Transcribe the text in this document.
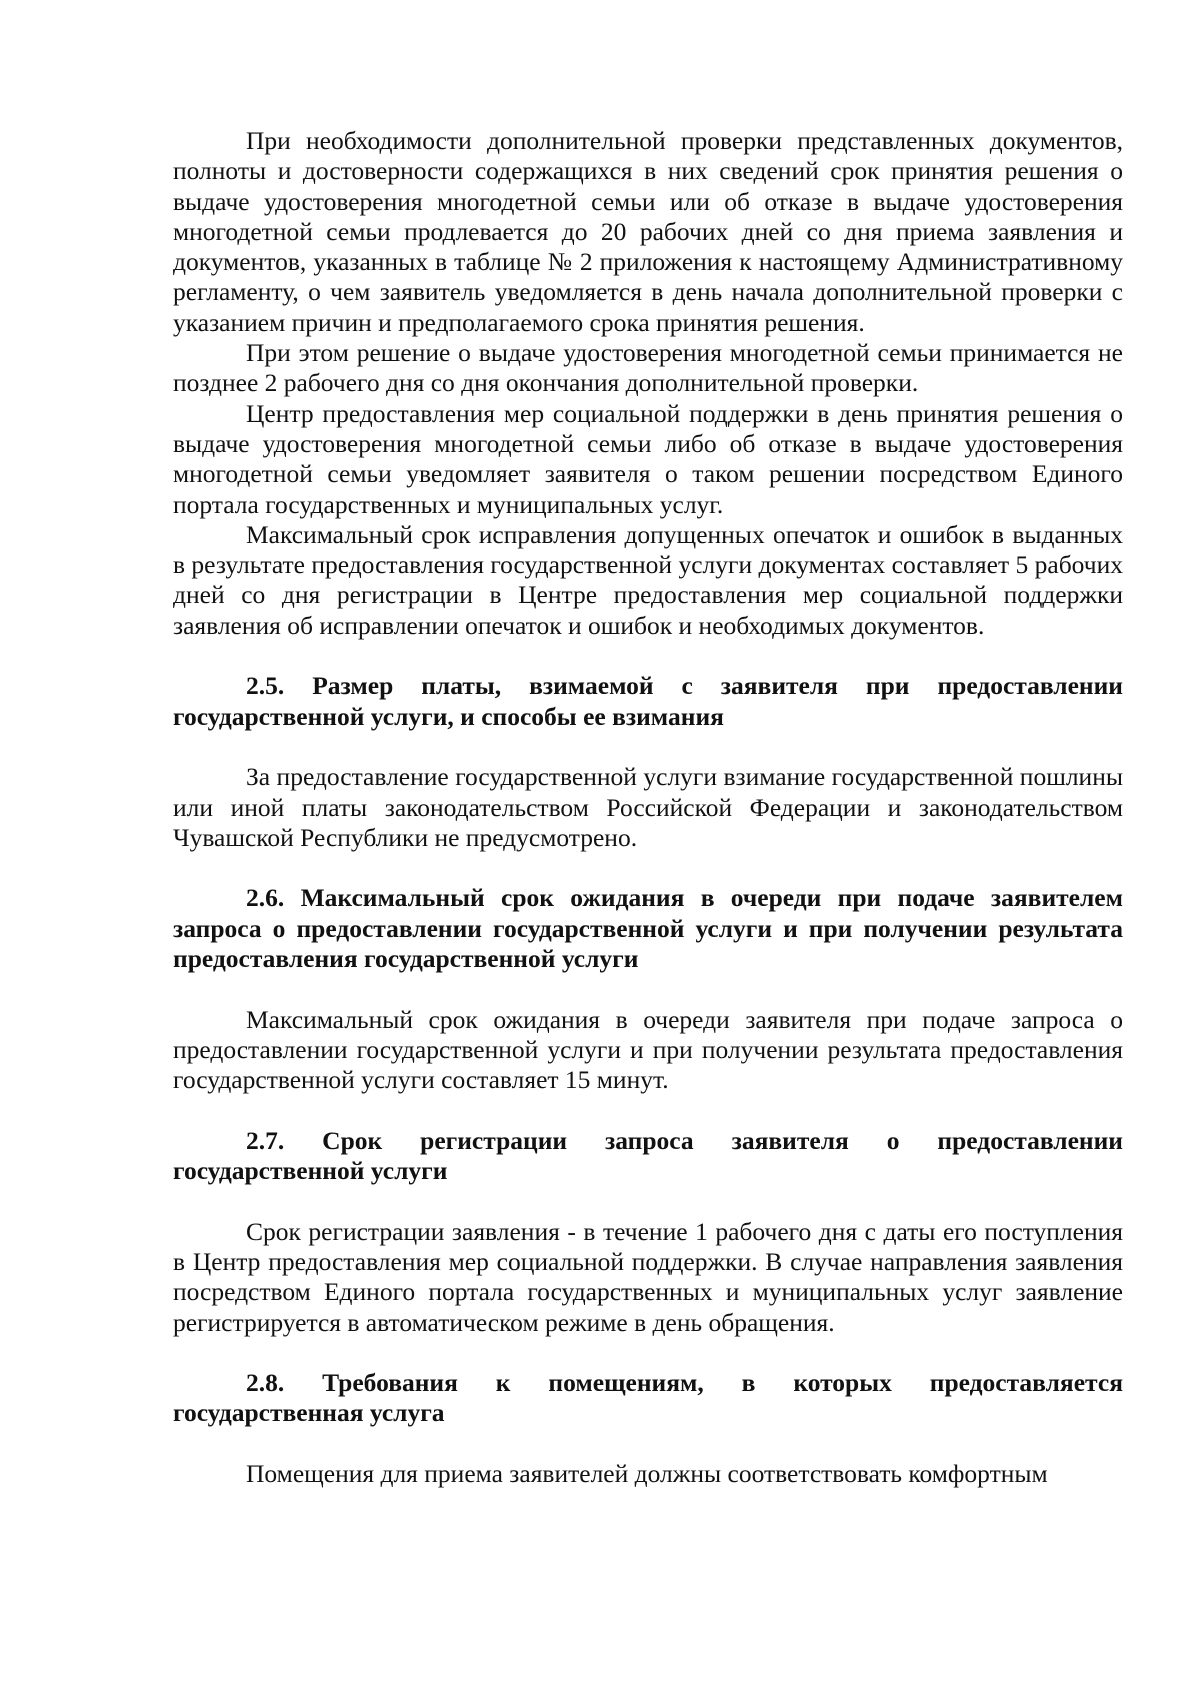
При необходимости дополнительной проверки представленных документов, полноты и достоверности содержащихся в них сведений срок принятия решения о выдаче удостоверения многодетной семьи или об отказе в выдаче удостоверения многодетной семьи продлевается до 20 рабочих дней со дня приема заявления и документов, указанных в таблице № 2 приложения к настоящему Административному регламенту, о чем заявитель уведомляется в день начала дополнительной проверки с указанием причин и предполагаемого срока принятия решения.

При этом решение о выдаче удостоверения многодетной семьи принимается не позднее 2 рабочего дня со дня окончания дополнительной проверки.

Центр предоставления мер социальной поддержки в день принятия решения о выдаче удостоверения многодетной семьи либо об отказе в выдаче удостоверения многодетной семьи уведомляет заявителя о таком решении посредством Единого портала государственных и муниципальных услуг.

Максимальный срок исправления допущенных опечаток и ошибок в выданных в результате предоставления государственной услуги документах составляет 5 рабочих дней со дня регистрации в Центре предоставления мер социальной поддержки заявления об исправлении опечаток и ошибок и необходимых документов.

2.5. Размер платы, взимаемой с заявителя при предоставлении государственной услуги, и способы ее взимания

За предоставление государственной услуги взимание государственной пошлины или иной платы законодательством Российской Федерации и законодательством Чувашской Республики не предусмотрено.

2.6. Максимальный срок ожидания в очереди при подаче заявителем запроса о предоставлении государственной услуги и при получении результата предоставления государственной услуги

Максимальный срок ожидания в очереди заявителя при подаче запроса о предоставлении государственной услуги и при получении результата предоставления государственной услуги составляет 15 минут.

2.7. Срок регистрации запроса заявителя о предоставлении государственной услуги

Срок регистрации заявления - в течение 1 рабочего дня с даты его поступления в Центр предоставления мер социальной поддержки. В случае направления заявления посредством Единого портала государственных и муниципальных услуг заявление регистрируется в автоматическом режиме в день обращения.

2.8. Требования к помещениям, в которых предоставляется государственная услуга

Помещения для приема заявителей должны соответствовать комфортным
